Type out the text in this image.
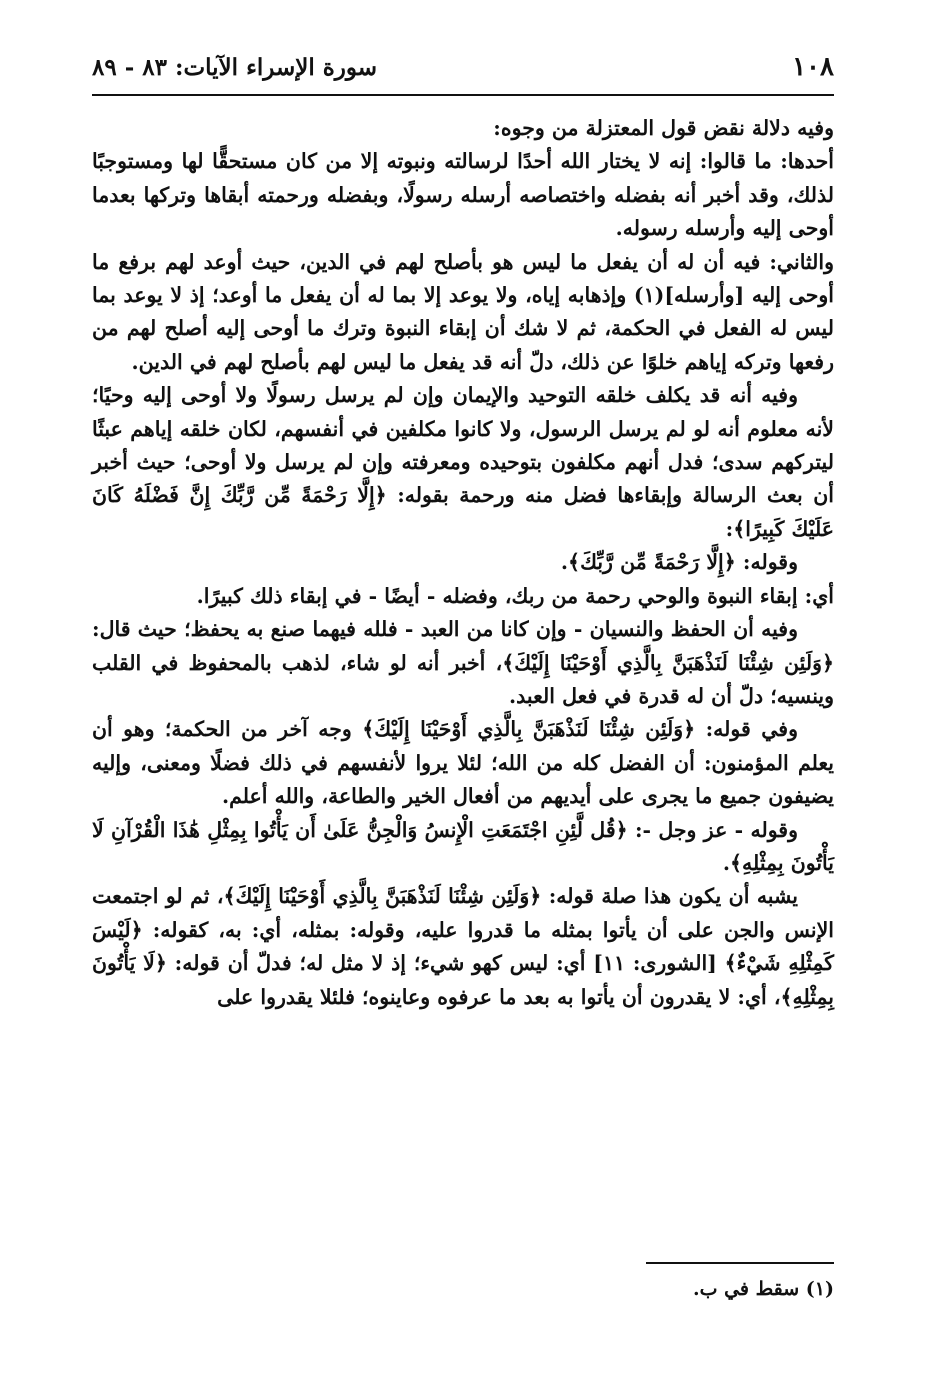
١٠٨
سورة الإسراء الآيات: ٨٣ - ٨٩

وفيه دلالة نقض قول المعتزلة من وجوه:

أحدها: ما قالوا: إنه لا يختار الله أحدًا لرسالته ونبوته إلا من كان مستحقًّا لها ومستوجبًا لذلك، وقد أخبر أنه بفضله واختصاصه أرسله رسولًا، وبفضله ورحمته أبقاها وتركها بعدما أوحى إليه وأرسله رسوله.

والثاني: فيه أن له أن يفعل ما ليس هو بأصلح لهم في الدين، حيث أوعد لهم برفع ما أوحى إليه [وأرسله](١) وإذهابه إياه، ولا يوعد إلا بما له أن يفعل ما أوعد؛ إذ لا يوعد بما ليس له الفعل في الحكمة، ثم لا شك أن إبقاء النبوة وترك ما أوحى إليه أصلح لهم من رفعها وتركه إياهم خلوًا عن ذلك، دلّ أنه قد يفعل ما ليس لهم بأصلح لهم في الدين.

وفيه أنه قد يكلف خلقه التوحيد والإيمان وإن لم يرسل رسولًا ولا أوحى إليه وحيًا؛ لأنه معلوم أنه لو لم يرسل الرسول، ولا كانوا مكلفين في أنفسهم، لكان خلقه إياهم عبثًا ليتركهم سدى؛ فدل أنهم مكلفون بتوحيده ومعرفته وإن لم يرسل ولا أوحى؛ حيث أخبر أن بعث الرسالة وإبقاءها فضل منه ورحمة بقوله: ﴿إِلَّا رَحْمَةً مِّن رَّبِّكَ إِنَّ فَضْلَهُ كَانَ عَلَيْكَ كَبِيرًا﴾:

وقوله: ﴿إِلَّا رَحْمَةً مِّن رَّبِّكَ﴾.

أي: إبقاء النبوة والوحي رحمة من ربك، وفضله - أيضًا - في إبقاء ذلك كبيرًا.

وفيه أن الحفظ والنسيان - وإن كانا من العبد - فلله فيهما صنع به يحفظ؛ حيث قال: ﴿وَلَئِن شِئْنَا لَنَذْهَبَنَّ بِالَّذِي أَوْحَيْنَا إِلَيْكَ﴾، أخبر أنه لو شاء، لذهب بالمحفوظ في القلب وينسيه؛ دلّ أن له قدرة في فعل العبد.

وفي قوله: ﴿وَلَئِن شِئْنَا لَنَذْهَبَنَّ بِالَّذِي أَوْحَيْنَا إِلَيْكَ﴾ وجه آخر من الحكمة؛ وهو أن يعلم المؤمنون: أن الفضل كله من الله؛ لئلا يروا لأنفسهم في ذلك فضلًا ومعنى، وإليه يضيفون جميع ما يجرى على أيديهم من أفعال الخير والطاعة، والله أعلم.

وقوله - عز وجل -: ﴿قُل لَّئِنِ اجْتَمَعَتِ الْإِنسُ وَالْجِنُّ عَلَىٰ أَن يَأْتُوا بِمِثْلِ هَٰذَا الْقُرْآنِ لَا يَأْتُونَ بِمِثْلِهِ﴾.

يشبه أن يكون هذا صلة قوله: ﴿وَلَئِن شِئْنَا لَنَذْهَبَنَّ بِالَّذِي أَوْحَيْنَا إِلَيْكَ﴾، ثم لو اجتمعت الإنس والجن على أن يأتوا بمثله ما قدروا عليه، وقوله: بمثله، أي: به، كقوله: ﴿لَيْسَ كَمِثْلِهِ شَيْءٌ﴾ [الشورى: ١١] أي: ليس كهو شيء؛ إذ لا مثل له؛ فدلّ أن قوله: ﴿لَا يَأْتُونَ بِمِثْلِهِ﴾، أي: لا يقدرون أن يأتوا به بعد ما عرفوه وعاينوه؛ فلئلا يقدروا على

(١) سقط في ب.
